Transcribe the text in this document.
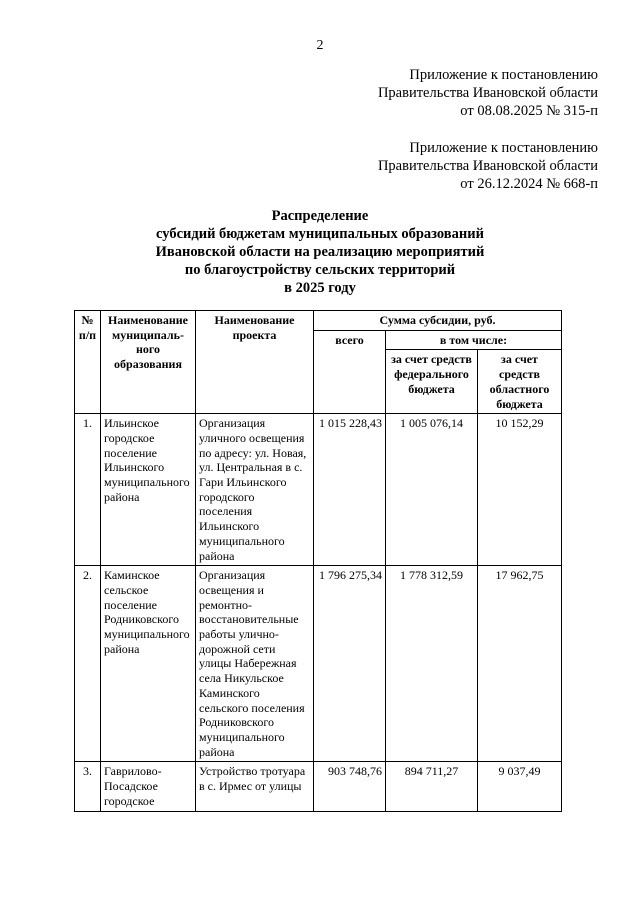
2
Приложение к постановлению
Правительства Ивановской области
от 08.08.2025 № 315-п
Приложение к постановлению
Правительства Ивановской области
от 26.12.2024 № 668-п
Распределение
субсидий бюджетам муниципальных образований
Ивановской области на реализацию мероприятий
по благоустройству сельских территорий
в 2025 году
№ п/п	Наименование муниципаль-ного образования	Наименование проекта	Сумма субсидии, руб.		
			всего	в том числе:	
				за счет средств федерального бюджета	за счет средств областного бюджета
1.	Ильинское городское поселение Ильинского муниципального района	Организация уличного освещения по адресу: ул. Новая, ул. Центральная в с. Гари Ильинского городского поселения Ильинского муниципального района	1 015 228,43	1 005 076,14	10 152,29
2.	Каминское сельское поселение Родниковского муниципального района	Организация освещения и ремонтно-восстановительные работы улично-дорожной сети улицы Набережная села Никульское Каминского сельского поселения Родниковского муниципального района	1 796 275,34	1 778 312,59	17 962,75
3.	Гаврилово-Посадское городское	Устройство тротуара в с. Ирмес от улицы	903 748,76	894 711,27	9 037,49
